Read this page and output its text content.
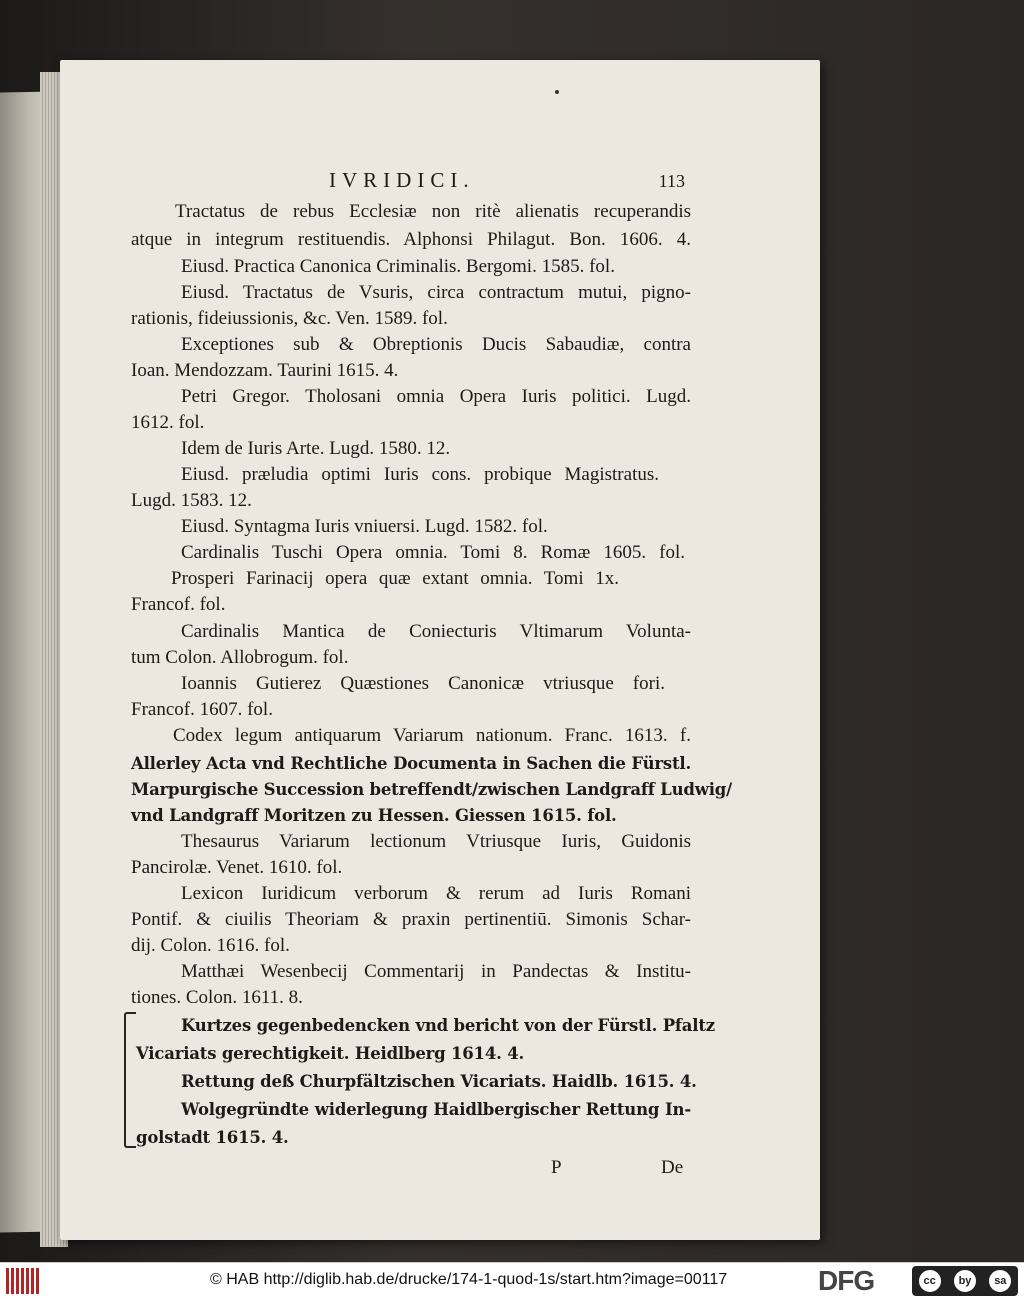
IVRIDICI.	113
Tractatus de rebus Ecclesiæ non ritè alienatis recuperandis
atque in integrum restituendis. Alphonsi Philagut. Bon. 1606. 4.
Eiusd. Practica Canonica Criminalis. Bergomi. 1585. fol.
Eiusd. Tractatus de Vsuris, circa contractum mutui, pigno-
rationis, fideiussionis, &c. Ven. 1589. fol.
Exceptiones sub & Obreptionis Ducis Sabaudiæ, contra
Ioan. Mendozzam. Taurini 1615. 4.
Petri Gregor. Tholosani omnia Opera Iuris politici. Lugd.
1612. fol.
Idem de Iuris Arte. Lugd. 1580. 12.
Eiusd. præludia optimi Iuris cons. probique Magistratus.
Lugd. 1583. 12.
Eiusd. Syntagma Iuris vniuersi. Lugd. 1582. fol.
Cardinalis Tuschi Opera omnia. Tomi 8. Romæ 1605. fol.
Prosperi Farinacij opera quæ extant omnia. Tomi 1x.
Francof. fol.
Cardinalis Mantica de Coniecturis Vltimarum Volunta-
tum Colon. Allobrogum. fol.
Ioannis Gutierez Quæstiones Canonicæ vtriusque fori.
Francof. 1607. fol.
Codex legum antiquarum Variarum nationum. Franc. 1613. f.
Allerley Acta vnd Rechtliche Documenta in Sachen die Fürstl.
Marpurgische Succession betreffendt/zwischen Landgraff Ludwig/
vnd Landgraff Moritzen zu Hessen. Giessen 1615. fol.
Thesaurus Variarum lectionum Vtriusque Iuris, Guidonis
Pancirolæ. Venet. 1610. fol.
Lexicon Iuridicum verborum & rerum ad Iuris Romani
Pontif. & ciuilis Theoriam & praxin pertinentiū. Simonis Schar-
dij. Colon. 1616. fol.
Matthæi Wesenbecij Commentarij in Pandectas & Institu-
tiones. Colon. 1611. 8.
Kurtzes gegenbedencken vnd bericht von der Fürstl. Pfaltz
Vicariats gerechtigkeit. Heidlberg 1614. 4.
Rettung deß Churpfältzischen Vicariats. Haidlb. 1615. 4.
Wolgegründte widerlegung Haidlbergischer Rettung In-
golstadt 1615. 4.
P	De
© HAB http://diglib.hab.de/drucke/174-1-quod-1s/start.htm?image=00117	DFG	cc	by	sa
